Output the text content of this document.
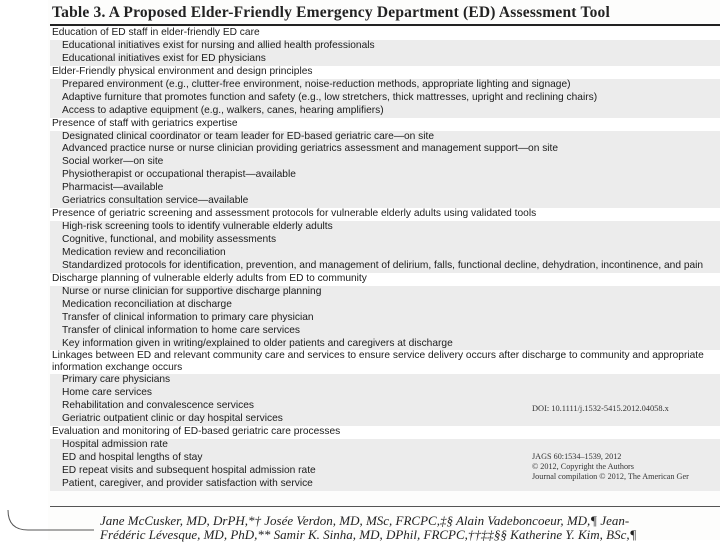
Table 3. A Proposed Elder-Friendly Emergency Department (ED) Assessment Tool
Education of ED staff in elder-friendly ED care
Educational initiatives exist for nursing and allied health professionals
Educational initiatives exist for ED physicians
Elder-Friendly physical environment and design principles
Prepared environment (e.g., clutter-free environment, noise-reduction methods, appropriate lighting and signage)
Adaptive furniture that promotes function and safety (e.g., low stretchers, thick mattresses, upright and reclining chairs)
Access to adaptive equipment (e.g., walkers, canes, hearing amplifiers)
Presence of staff with geriatrics expertise
Designated clinical coordinator or team leader for ED-based geriatric care—on site
Advanced practice nurse or nurse clinician providing geriatrics assessment and management support—on site
Social worker—on site
Physiotherapist or occupational therapist—available
Pharmacist—available
Geriatrics consultation service—available
Presence of geriatric screening and assessment protocols for vulnerable elderly adults using validated tools
High-risk screening tools to identify vulnerable elderly adults
Cognitive, functional, and mobility assessments
Medication review and reconciliation
Standardized protocols for identification, prevention, and management of delirium, falls, functional decline, dehydration, incontinence, and pain
Discharge planning of vulnerable elderly adults from ED to community
Nurse or nurse clinician for supportive discharge planning
Medication reconciliation at discharge
Transfer of clinical information to primary care physician
Transfer of clinical information to home care services
Key information given in writing/explained to older patients and caregivers at discharge
Linkages between ED and relevant community care and services to ensure service delivery occurs after discharge to community and appropriate information exchange occurs
Primary care physicians
Home care services
Rehabilitation and convalescence services
Geriatric outpatient clinic or day hospital services
Evaluation and monitoring of ED-based geriatric care processes
Hospital admission rate
ED and hospital lengths of stay
ED repeat visits and subsequent hospital admission rate
Patient, caregiver, and provider satisfaction with service
DOI: 10.1111/j.1532-5415.2012.04058.x
JAGS 60:1534–1539, 2012
© 2012, Copyright the Authors
Journal compilation © 2012, The American Ger
Jane McCusker, MD, DrPH,*† Josée Verdon, MD, MSc, FRCPC,‡§ Alain Vadeboncoeur, MD,¶ Jean-
Frédéric Lévesque, MD, PhD,** Samir K. Sinha, MD, DPhil, FRCPC,††‡‡§§ Katherine Y. Kim, BSc,¶
